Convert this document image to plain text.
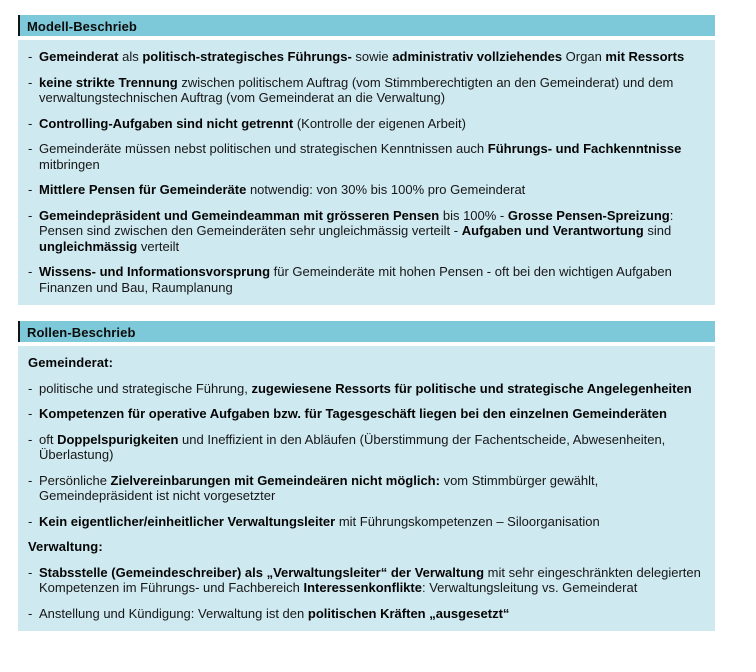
Modell-Beschrieb
- Gemeinderat als politisch-strategisches Führungs- sowie administrativ vollziehendes Organ mit Ressorts
- keine strikte Trennung zwischen politischem Auftrag (vom Stimmberechtigten an den Gemeinderat) und dem verwaltungstechnischen Auftrag (vom Gemeinderat an die Verwaltung)
- Controlling-Aufgaben sind nicht getrennt (Kontrolle der eigenen Arbeit)
- Gemeinderäte müssen nebst politischen und strategischen Kenntnissen auch Führungs- und Fachkenntnisse mitbringen
- Mittlere Pensen für Gemeinderäte notwendig: von 30% bis 100% pro Gemeinderat
- Gemeindepräsident und Gemeindeamman mit grösseren Pensen bis 100% - Grosse Pensen-Spreizung: Pensen sind zwischen den Gemeinderäten sehr ungleichmässig verteilt - Aufgaben und Verantwortung sind ungleichmässig verteilt
- Wissens- und Informationsvorsprung für Gemeinderäte mit hohen Pensen - oft bei den wichtigen Aufgaben Finanzen und Bau, Raumplanung
Rollen-Beschrieb
Gemeinderat:
- politische und strategische Führung, zugewiesene Ressorts für politische und strategische Angelegenheiten
- Kompetenzen für operative Aufgaben bzw. für Tagesgeschäft liegen bei den einzelnen Gemeinderäten
- oft Doppelspurigkeiten und Ineffizient in den Abläufen (Überstimmung der Fachentscheide, Abwesenheiten, Überlastung)
- Persönliche Zielvereinbarungen mit Gemeindeären nicht möglich: vom Stimmbürger gewählt, Gemeindepräsident ist nicht vorgesetzter
- Kein eigentlicher/einheitlicher Verwaltungsleiter mit Führungskompetenzen – Siloorganisation
Verwaltung:
- Stabsstelle (Gemeindeschreiber) als „Verwaltungsleiter“ der Verwaltung mit sehr eingeschränkten delegierten Kompetenzen im Führungs- und Fachbereich Interessenkonflikte: Verwaltungsleitung vs. Gemeinderat
- Anstellung und Kündigung: Verwaltung ist den politischen Kräften „ausgesetzt“
